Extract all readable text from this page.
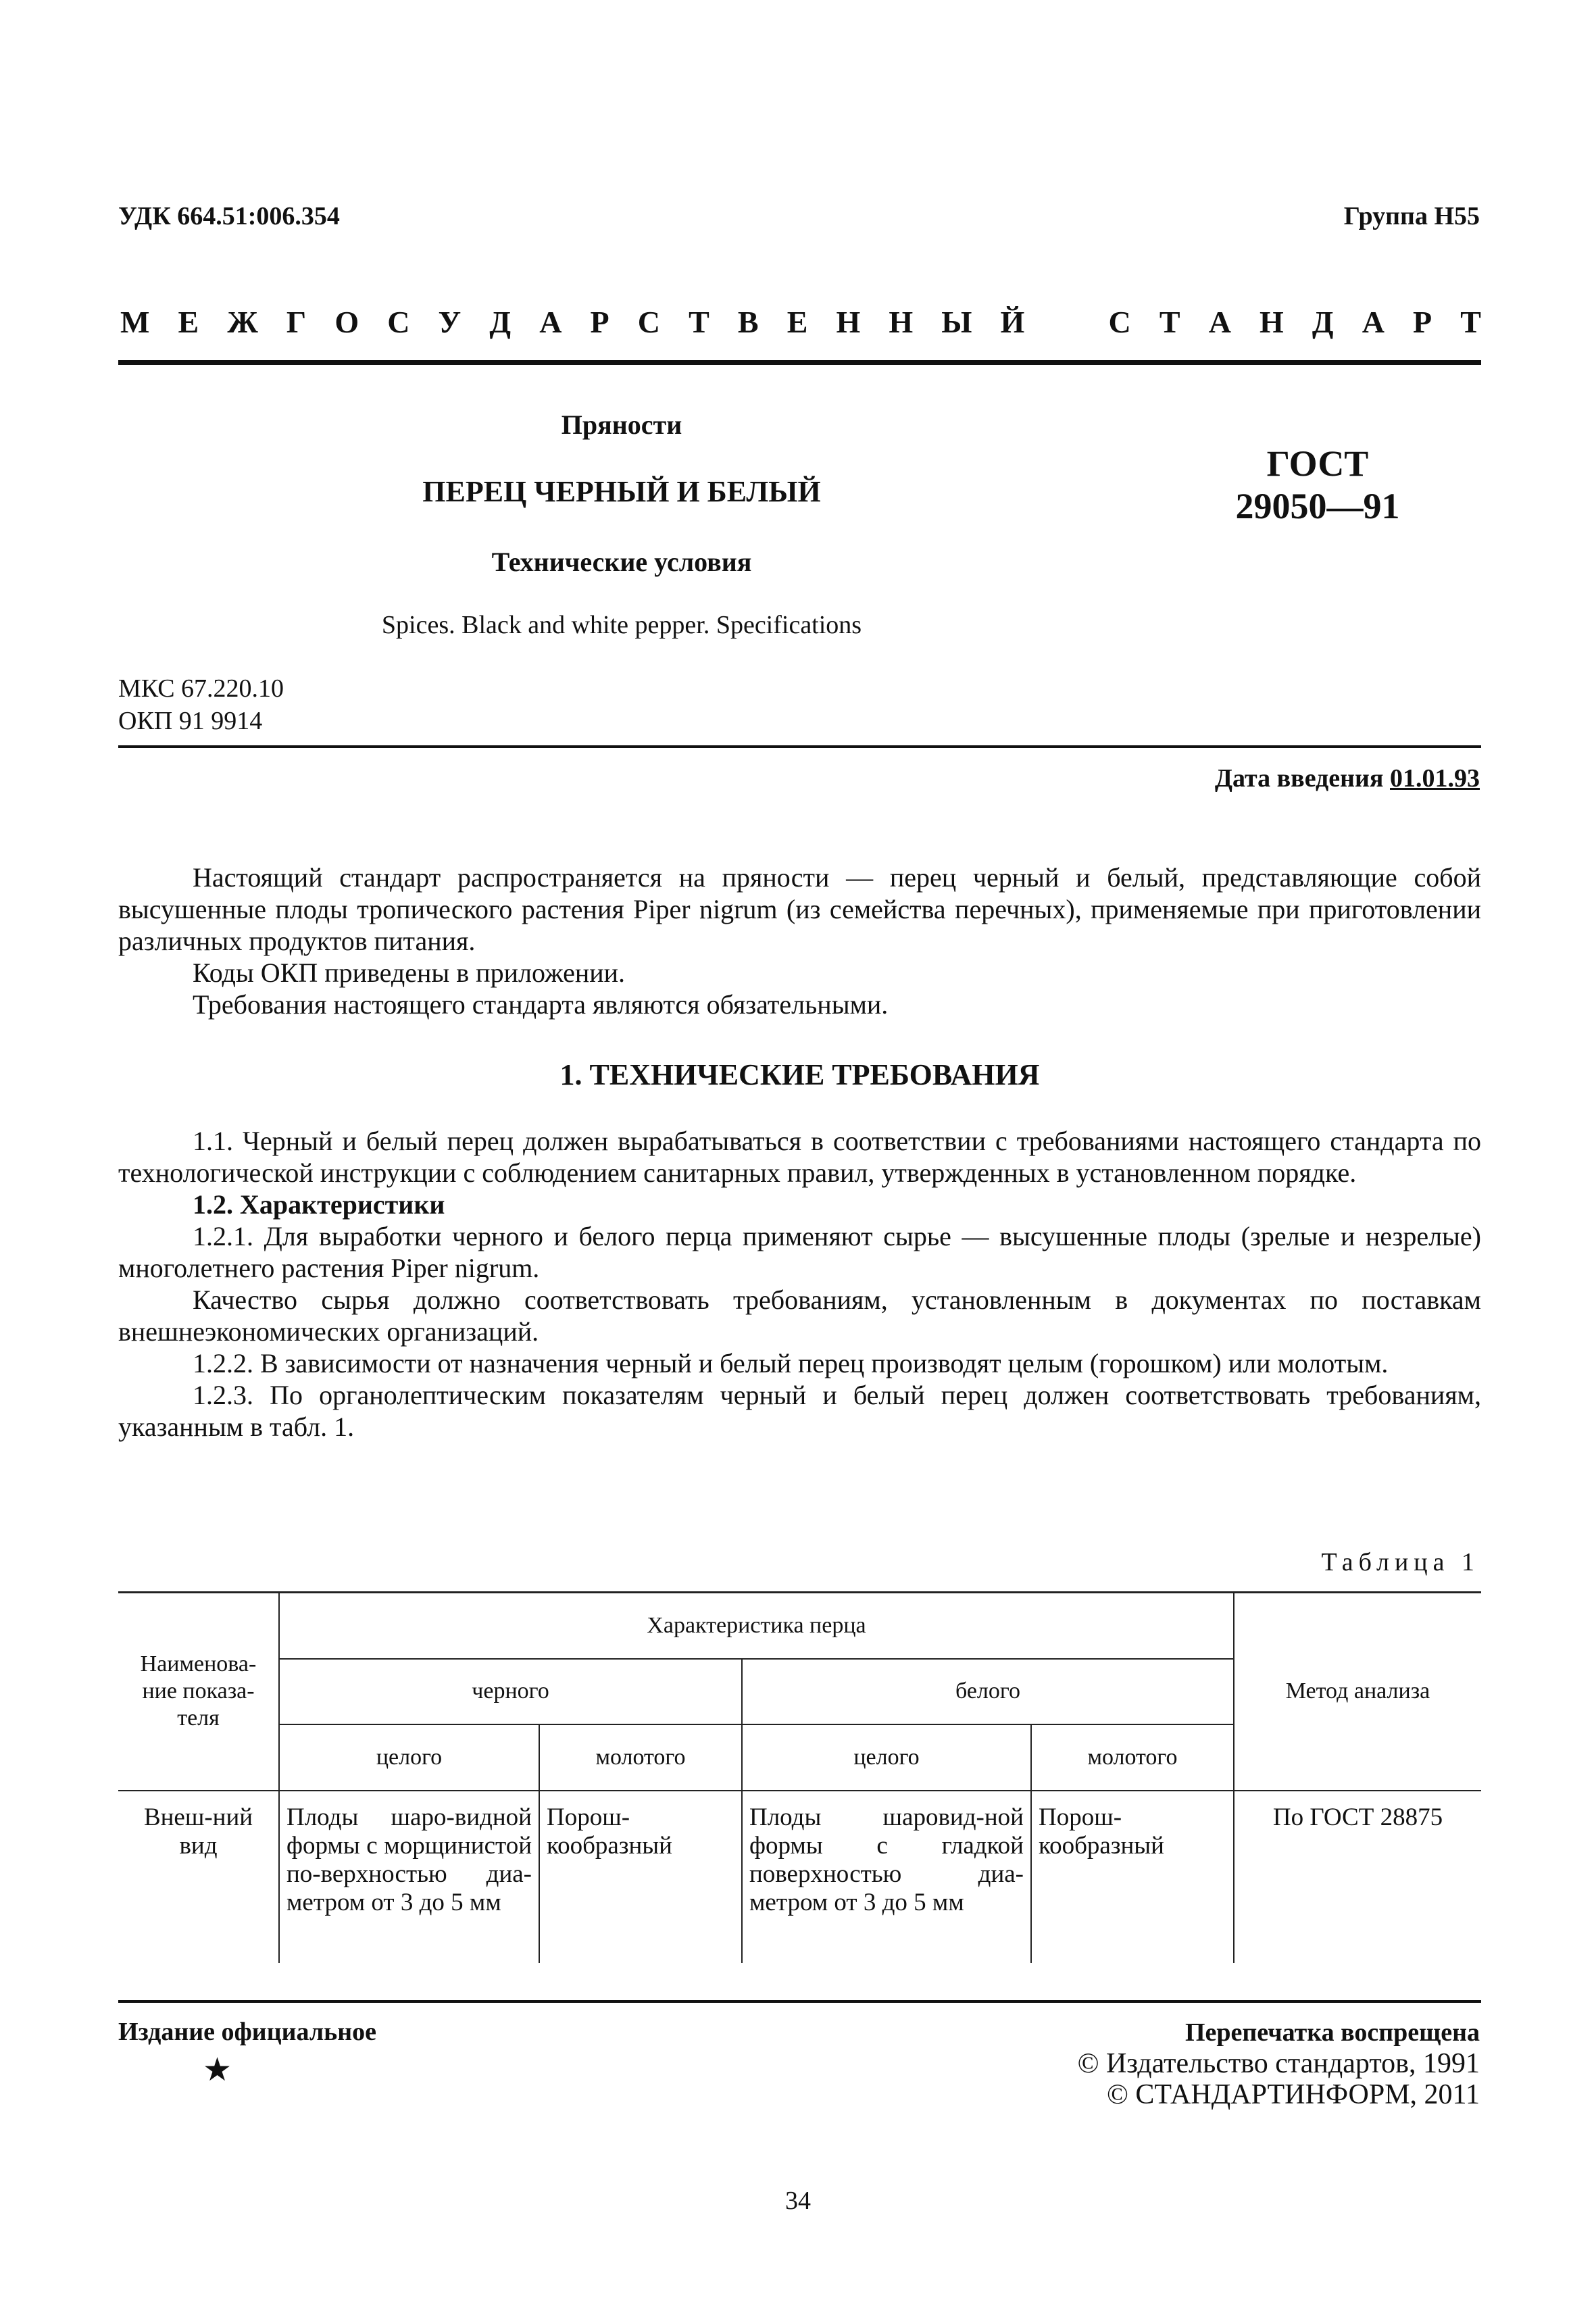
УДК 664.51:006.354	Группа Н55
М Е Ж Г О С У Д А Р С Т В Е Н Н Ы Й	С Т А Н Д А Р Т
Пряности
ПЕРЕЦ ЧЕРНЫЙ И БЕЛЫЙ
Технические условия
Spices. Black and white pepper. Specifications
ГОСТ
29050—91
МКС 67.220.10
ОКП 91 9914
Дата введения 01.01.93

Настоящий стандарт распространяется на пряности — перец черный и белый, представляющие собой высушенные плоды тропического растения Piper nigrum (из семейства перечных), применяемые при приготовлении различных продуктов питания.

Коды ОКП приведены в приложении.

Требования настоящего стандарта являются обязательными.

1. ТЕХНИЧЕСКИЕ ТРЕБОВАНИЯ

1.1. Черный и белый перец должен вырабатываться в соответствии с требованиями настоящего стандарта по технологической инструкции с соблюдением санитарных правил, утвержденных в установленном порядке.

1.2. Характеристики

1.2.1. Для выработки черного и белого перца применяют сырье — высушенные плоды (зрелые и незрелые) многолетнего растения Piper nigrum.

Качество сырья должно соответствовать требованиям, установленным в документах по поставкам внешнеэкономических организаций.

1.2.2. В зависимости от назначения черный и белый перец производят целым (горошком) или молотым.

1.2.3. По органолептическим показателям черный и белый перец должен соответствовать требованиям, указанным в табл. 1.

Таблица 1
Наименова-ние показа-теля	Характеристика перца				Метод анализа
	черного		белого		
	целого	молотого	целого	молотого	
Внеш-ний вид	Плоды шаро-видной формы с морщинистой по-верхностью диа-метром от 3 до 5 мм	Порош-кообразный	Плоды шаровид-ной формы с гладкой поверхностью диа-метром от 3 до 5 мм	Порош-кообразный	По ГОСТ 28875
Издание официальное
★
Перепечатка воспрещена
© Издательство стандартов, 1991
© СТАНДАРТИНФОРМ, 2011
34
